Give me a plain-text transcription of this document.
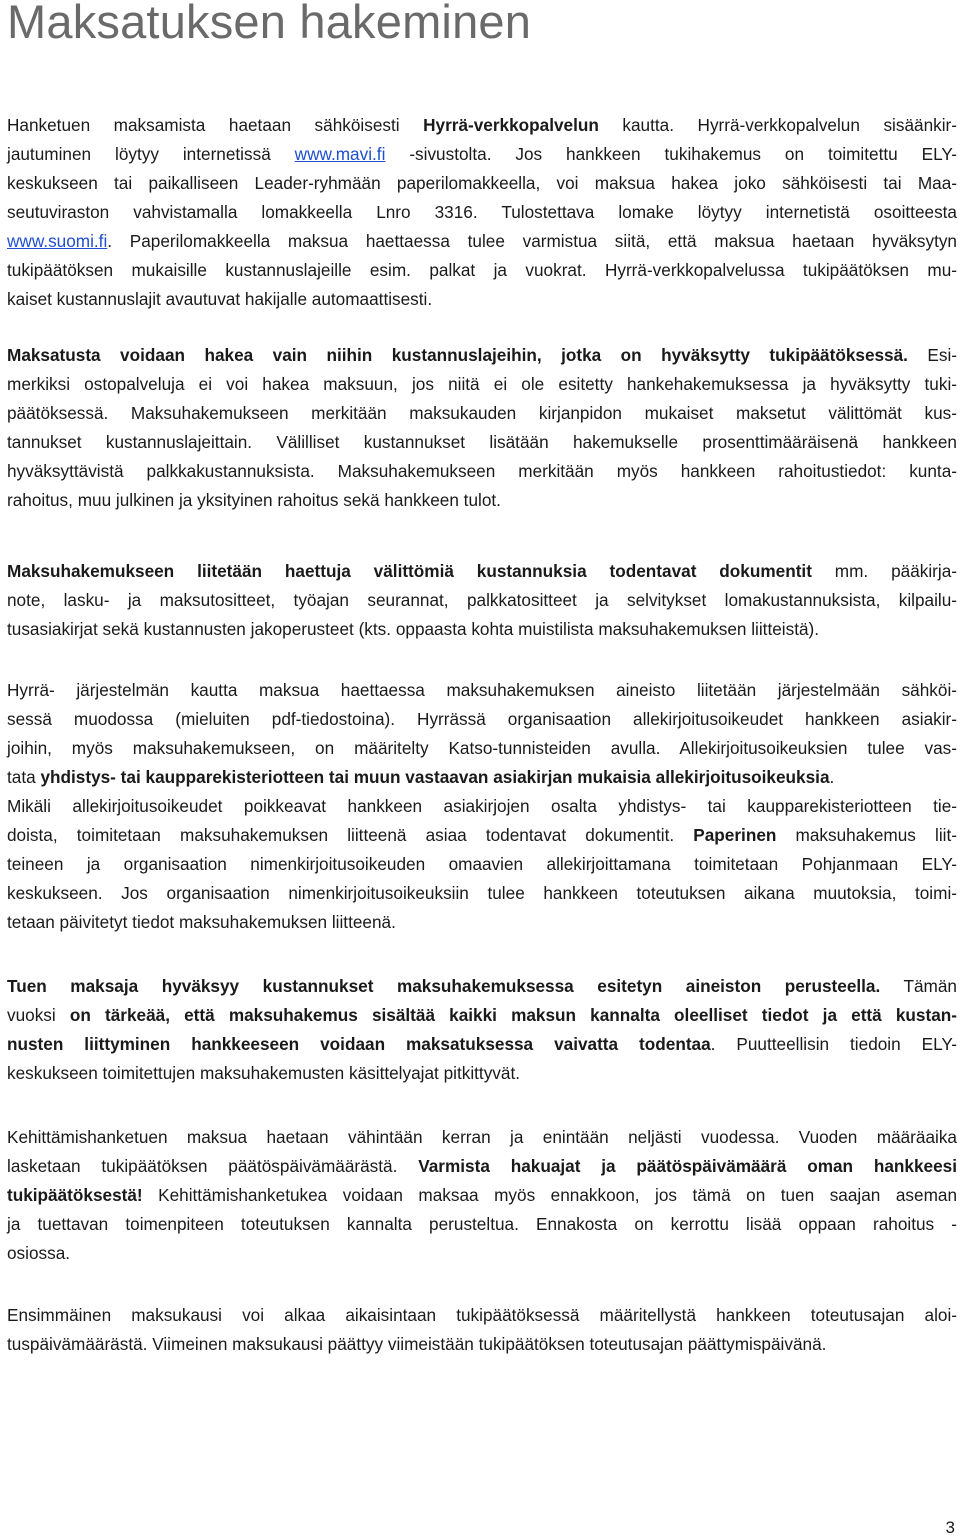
Maksatuksen hakeminen
Hanketuen maksamista haetaan sähköisesti Hyrrä-verkkopalvelun kautta. Hyrrä-verkkopalvelun sisäänkir-
jautuminen löytyy internetissä www.mavi.fi -sivustolta. Jos hankkeen tukihakemus on toimitettu ELY-
keskukseen tai paikalliseen Leader-ryhmään paperilomakkeella, voi maksua hakea joko sähköisesti tai Maa-
seutuviraston vahvistamalla lomakkeella Lnro 3316. Tulostettava lomake löytyy internetistä osoitteesta
www.suomi.fi. Paperilomakkeella maksua haettaessa tulee varmistua siitä, että maksua haetaan hyväksytyn
tukipäätöksen mukaisille kustannuslajeille esim. palkat ja vuokrat. Hyrrä-verkkopalvelussa tukipäätöksen mu-
kaiset kustannuslajit avautuvat hakijalle automaattisesti.
Maksatusta voidaan hakea vain niihin kustannuslajeihin, jotka on hyväksytty tukipäätöksessä. Esi-
merkiksi ostopalveluja ei voi hakea maksuun, jos niitä ei ole esitetty hankehakemuksessa ja hyväksytty tuki-
päätöksessä. Maksuhakemukseen merkitään maksukauden kirjanpidon mukaiset maksetut välittömät kus-
tannukset kustannuslajeittain. Välilliset kustannukset lisätään hakemukselle prosenttimääräisenä hankkeen
hyväksyttävistä palkkakustannuksista. Maksuhakemukseen merkitään myös hankkeen rahoitustiedot: kunta-
rahoitus, muu julkinen ja yksityinen rahoitus sekä hankkeen tulot.
Maksuhakemukseen liitetään haettuja välittömiä kustannuksia todentavat dokumentit mm. pääkirja-
note, lasku- ja maksutositteet, työajan seurannat, palkkatositteet ja selvitykset lomakustannuksista, kilpailu-
tusasiakirjat sekä kustannusten jakoperusteet (kts. oppaasta kohta muistilista maksuhakemuksen liitteistä).
Hyrrä- järjestelmän kautta maksua haettaessa maksuhakemuksen aineisto liitetään järjestelmään sähköi-
sessä muodossa (mieluiten pdf-tiedostoina). Hyrrässä organisaation allekirjoitusoikeudet hankkeen asiakir-
joihin, myös maksuhakemukseen, on määritelty Katso-tunnisteiden avulla. Allekirjoitusoikeuksien tulee vas-
tata yhdistys- tai kaupparekisteriotteen tai muun vastaavan asiakirjan mukaisia allekirjoitusoikeuksia.
Mikäli allekirjoitusoikeudet poikkeavat hankkeen asiakirjojen osalta yhdistys- tai kaupparekisteriotteen tie-
doista, toimitetaan maksuhakemuksen liitteenä asiaa todentavat dokumentit. Paperinen maksuhakemus liit-
teineen ja organisaation nimenkirjoitusoikeuden omaavien allekirjoittamana toimitetaan Pohjanmaan ELY-
keskukseen. Jos organisaation nimenkirjoitusoikeuksiin tulee hankkeen toteutuksen aikana muutoksia, toimi-
tetaan päivitetyt tiedot maksuhakemuksen liitteenä.
Tuen maksaja hyväksyy kustannukset maksuhakemuksessa esitetyn aineiston perusteella. Tämän
vuoksi on tärkeää, että maksuhakemus sisältää kaikki maksun kannalta oleelliset tiedot ja että kustan-
nusten liittyminen hankkeeseen voidaan maksatuksessa vaivatta todentaa. Puutteellisin tiedoin ELY-
keskukseen toimitettujen maksuhakemusten käsittelyajat pitkittyvät.
Kehittämishanketuen maksua haetaan vähintään kerran ja enintään neljästi vuodessa. Vuoden määräaika
lasketaan tukipäätöksen päätöspäivämäärästä. Varmista hakuajat ja päätöspäivämäärä oman hankkeesi
tukipäätöksestä! Kehittämishanketukea voidaan maksaa myös ennakkoon, jos tämä on tuen saajan aseman
ja tuettavan toimenpiteen toteutuksen kannalta perusteltua. Ennakosta on kerrottu lisää oppaan rahoitus -
osiossa.
Ensimmäinen maksukausi voi alkaa aikaisintaan tukipäätöksessä määritellystä hankkeen toteutusajan aloi-
tuspäivämäärästä. Viimeinen maksukausi päättyy viimeistään tukipäätöksen toteutusajan päättymispäivänä.
3
